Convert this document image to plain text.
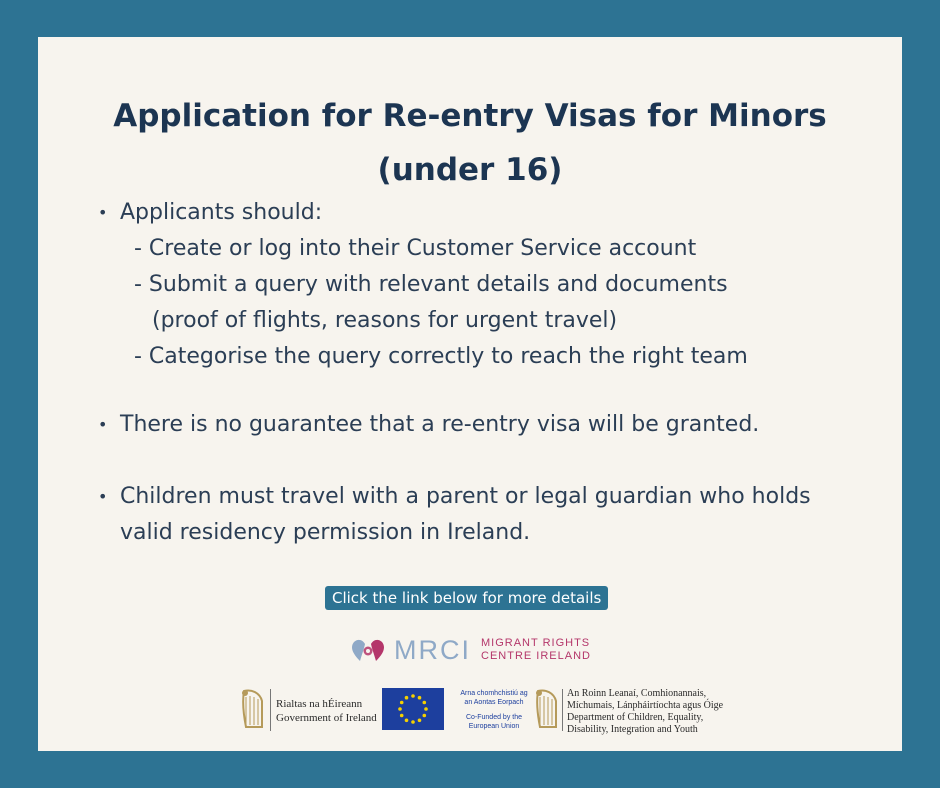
Application for Re-entry Visas for Minors
(under 16)
• Applicants should:
- Create or log into their Customer Service account
- Submit a query with relevant details and documents
(proof of flights, reasons for urgent travel)
- Categorise the query correctly to reach the right team
• There is no guarantee that a re-entry visa will be granted.
• Children must travel with a parent or legal guardian who holds
valid residency permission in Ireland.
Click the link below for more details
MRCI MIGRANT RIGHTS
CENTRE IRELAND
Rialtas na hÉireann
Government of Ireland
Arna chomhchistiú ag
an Aontas Eorpach
Co-Funded by the
European Union
An Roinn Leanaí, Comhionannais,
Míchumais, Lánpháirtíochta agus Óige
Department of Children, Equality,
Disability, Integration and Youth
